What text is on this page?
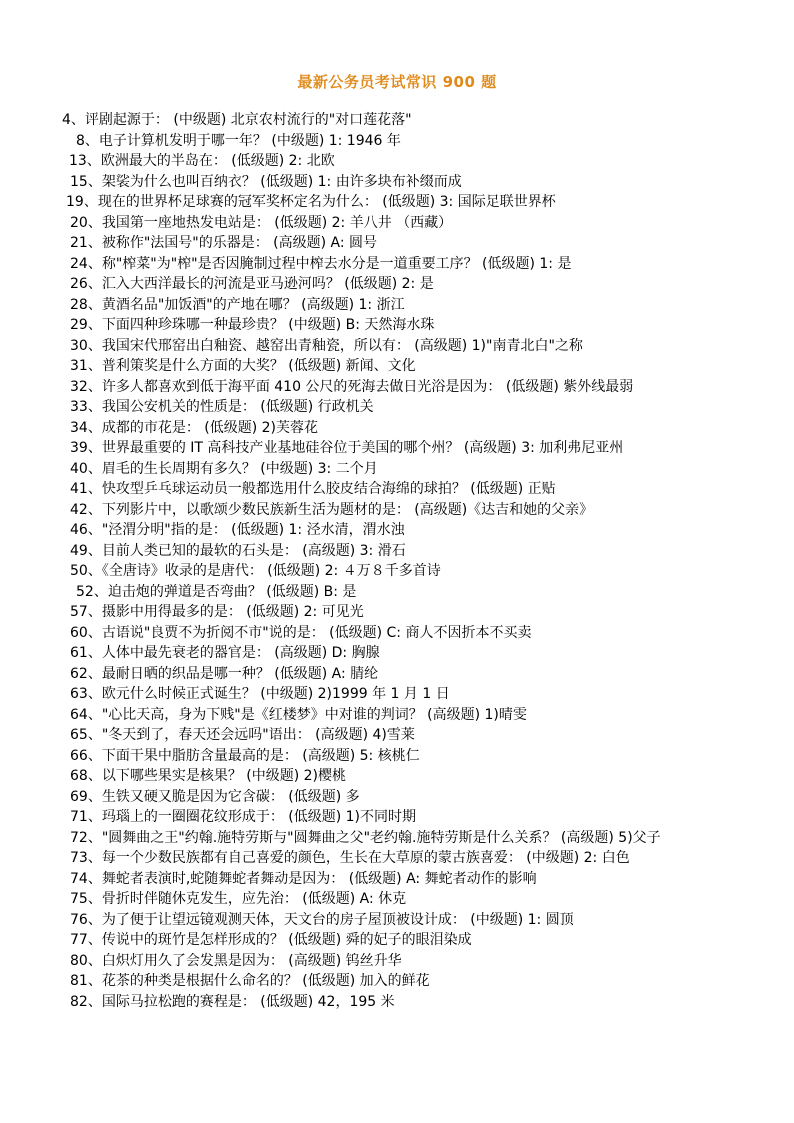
最新公务员考试常识 900 题
4、评剧起源于： (中级题) 北京农村流行的"对口莲花落"
8、电子计算机发明于哪一年？ (中级题) 1: 1946 年
13、欧洲最大的半岛在： (低级题) 2: 北欧
15、架裟为什么也叫百纳衣？ (低级题) 1: 由许多块布补缀而成
19、现在的世界杯足球赛的冠军奖杯定名为什么： (低级题) 3: 国际足联世界杯
20、我国第一座地热发电站是： (低级题) 2: 羊八井 （西藏）
21、被称作"法国号"的乐器是： (高级题) A: 圆号
24、称"榨菜"为"榨"是否因腌制过程中榨去水分是一道重要工序？ (低级题) 1: 是
26、汇入大西洋最长的河流是亚马逊河吗？ (低级题) 2: 是
28、黄酒名品"加饭酒"的产地在哪？ (高级题) 1: 浙江
29、下面四种珍珠哪一种最珍贵？ (中级题) B: 天然海水珠
30、我国宋代邢窑出白釉瓷、越窑出青釉瓷，所以有： (高级题) 1)"南青北白"之称
31、普利策奖是什么方面的大奖？ (低级题) 新闻、文化
32、许多人都喜欢到低于海平面 410 公尺的死海去做日光浴是因为： (低级题) 紫外线最弱
33、我国公安机关的性质是： (低级题) 行政机关
34、成都的市花是： (低级题) 2)芙蓉花
39、世界最重要的 IT 高科技产业基地硅谷位于美国的哪个州？ (高级题) 3: 加利弗尼亚州
40、眉毛的生长周期有多久？ (中级题) 3: 二个月
41、快攻型乒乓球运动员一般都选用什么胶皮结合海绵的球拍？ (低级题) 正贴
42、下列影片中，以歌颂少数民族新生活为题材的是： (高级题)《达吉和她的父亲》
46、"泾渭分明"指的是： (低级题) 1: 泾水清，渭水浊
49、目前人类已知的最软的石头是： (高级题) 3: 滑石
50、《全唐诗》收录的是唐代： (低级题) 2: ４万８千多首诗
52、迫击炮的弹道是否弯曲？ (低级题) B: 是
57、摄影中用得最多的是： (低级题) 2: 可见光
60、古语说"良贾不为折阅不市"说的是： (低级题) C: 商人不因折本不买卖
61、人体中最先衰老的器官是： (高级题) D: 胸腺
62、最耐日晒的织品是哪一种？ (低级题) A: 腈纶
63、欧元什么时候正式诞生？ (中级题) 2)1999 年 1 月 1 日
64、"心比天高，身为下贱"是《红楼梦》中对谁的判词？ (高级题) 1)晴雯
65、"冬天到了，春天还会远吗"语出： (高级题) 4)雪莱
66、下面干果中脂肪含量最高的是： (高级题) 5: 核桃仁
68、以下哪些果实是核果？ (中级题) 2)樱桃
69、生铁又硬又脆是因为它含碳： (低级题) 多
71、玛瑙上的一圈圈花纹形成于： (低级题) 1)不同时期
72、"圆舞曲之王"约翰.施特劳斯与"圆舞曲之父"老约翰.施特劳斯是什么关系？ (高级题) 5)父子
73、每一个少数民族都有自己喜爱的颜色，生长在大草原的蒙古族喜爱： (中级题) 2: 白色
74、舞蛇者表演时,蛇随舞蛇者舞动是因为： (低级题) A: 舞蛇者动作的影响
75、骨折时伴随休克发生，应先治： (低级题) A: 休克
76、为了便于让望远镜观测天体，天文台的房子屋顶被设计成： (中级题) 1: 圆顶
77、传说中的斑竹是怎样形成的？ (低级题) 舜的妃子的眼泪染成
80、白炽灯用久了会发黑是因为： (高级题) 钨丝升华
81、花茶的种类是根据什么命名的？ (低级题) 加入的鲜花
82、国际马拉松跑的赛程是： (低级题) 42，195 米
